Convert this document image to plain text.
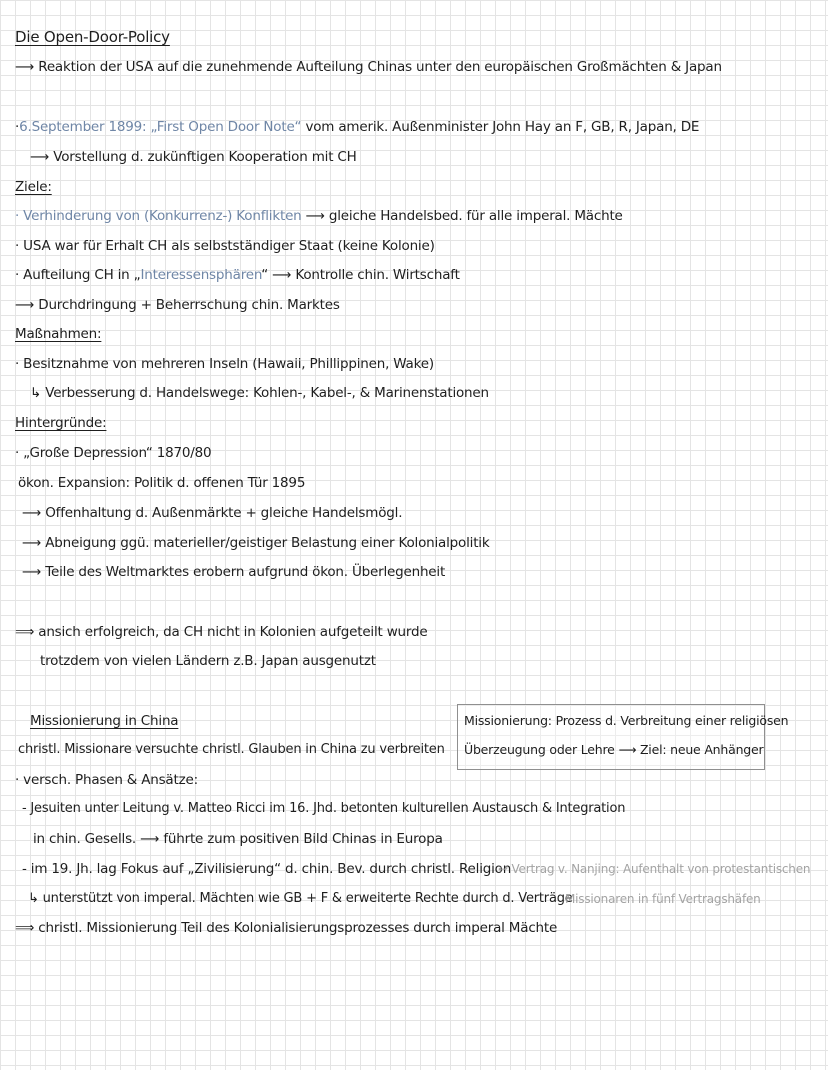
Die Open-Door-Policy
⟶ Reaktion der USA auf die zunehmende Aufteilung Chinas unter den europäischen Großmächten & Japan
·6.September 1899: „First Open Door Note“ vom amerik. Außenminister John Hay an F, GB, R, Japan, DE
⟶ Vorstellung d. zukünftigen Kooperation mit CH
Ziele:
· Verhinderung von (Konkurrenz-) Konflikten ⟶ gleiche Handelsbed. für alle imperal. Mächte
· USA war für Erhalt CH als selbstständiger Staat (keine Kolonie)
· Aufteilung CH in „Interessensphären“ ⟶ Kontrolle chin. Wirtschaft
⟶ Durchdringung + Beherrschung chin. Marktes
Maßnahmen:
· Besitznahme von mehreren Inseln (Hawaii, Phillippinen, Wake)
↳ Verbesserung d. Handelswege: Kohlen-, Kabel-, & Marinenstationen
Hintergründe:
· „Große Depression“ 1870/80
ökon. Expansion: Politik d. offenen Tür 1895
⟶ Offenhaltung d. Außenmärkte + gleiche Handelsmögl.
⟶ Abneigung ggü. materieller/geistiger Belastung einer Kolonialpolitik
⟶ Teile des Weltmarktes erobern aufgrund ökon. Überlegenheit
⟹ ansich erfolgreich, da CH nicht in Kolonien aufgeteilt wurde
trotzdem von vielen Ländern z.B. Japan ausgenutzt
Missionierung in China
christl. Missionare versuchte christl. Glauben in China zu verbreiten
Missionierung: Prozess d. Verbreitung einer religiösen
Überzeugung oder Lehre ⟶ Ziel: neue Anhänger
· versch. Phasen & Ansätze:
- Jesuiten unter Leitung v. Matteo Ricci im 16. Jhd. betonten kulturellen Austausch & Integration
in chin. Gesells. ⟶ führte zum positiven Bild Chinas in Europa
- im 19. Jh. lag Fokus auf „Zivilisierung“ d. chin. Bev. durch christl. Religion
↳ unterstützt von imperal. Mächten wie GB + F & erweiterte Rechte durch d. Verträge
⟹ christl. Missionierung Teil des Kolonialisierungsprozesses durch imperal Mächte
↩ Vertrag v. Nanjing: Aufenthalt von protestantischen
Missionaren in fünf Vertragshäfen
